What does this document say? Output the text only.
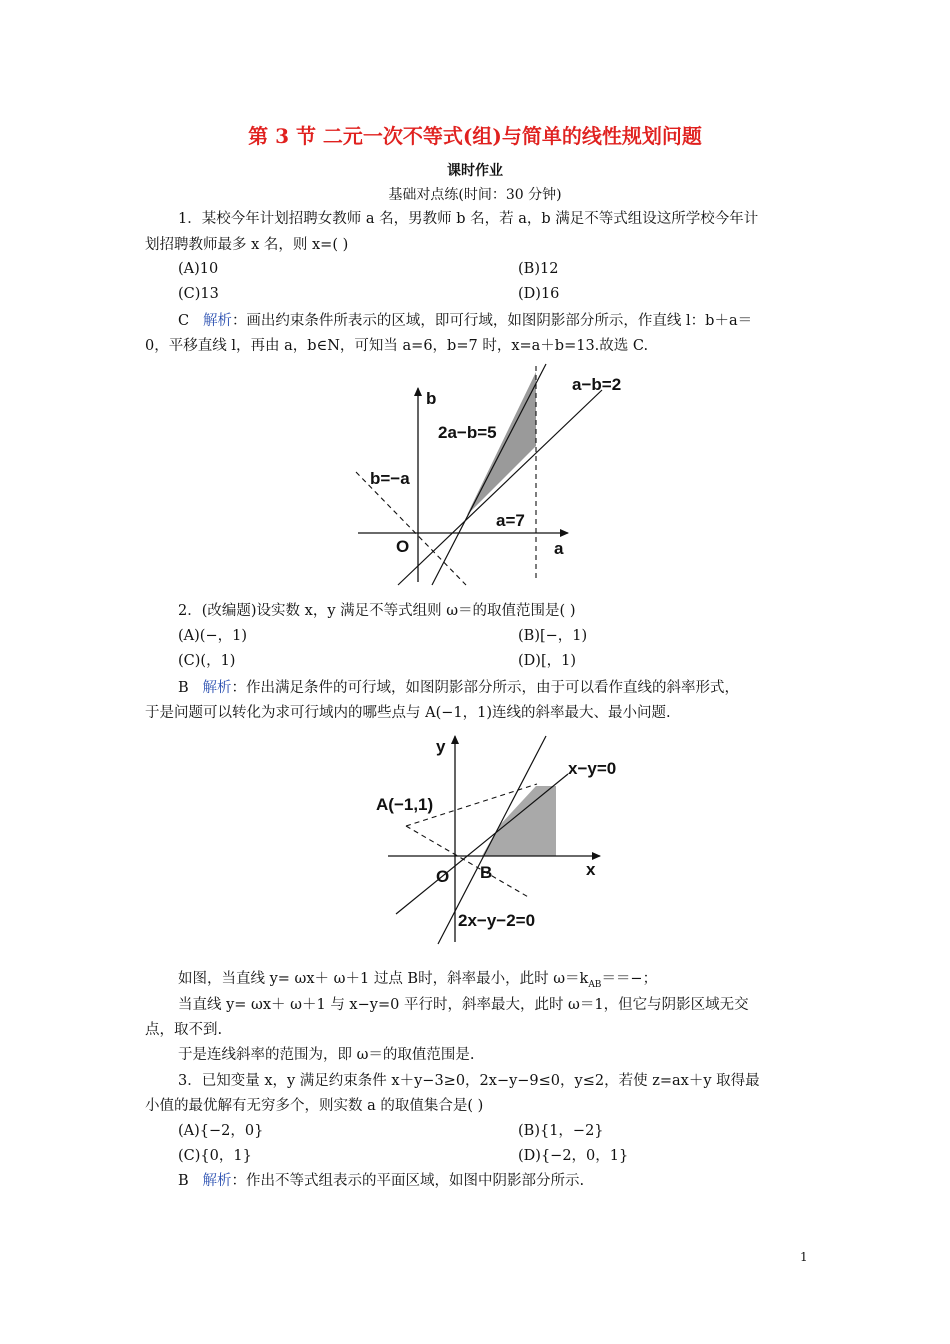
第 3 节 二元一次不等式(组)与简单的线性规划问题
课时作业
基础对点练(时间：30 分钟)
1．某校今年计划招聘女教师 a 名，男教师 b 名，若 a，b 满足不等式组设这所学校今年计
划招聘教师最多 x 名，则 x=( )
(A)10	(B)12
(C)13	(D)16
C 解析：画出约束条件所表示的区域，即可行域，如图阴影部分所示，作直线 l：b＋a＝
0，平移直线 l，再由 a，b∈N，可知当 a=6，b=7 时，x=a＋b=13.故选 C.
b
a
O
a−b=2
2a−b=5
b=−a
a=7
2．(改编题)设实数 x，y 满足不等式组则 ω＝的取值范围是( )
(A)(−，1)	(B)[−，1)
(C)(，1)	(D)[，1)
B 解析：作出满足条件的可行域，如图阴影部分所示，由于可以看作直线的斜率形式，
于是问题可以转化为求可行域内的哪些点与 A(−1，1)连线的斜率最大、最小问题.
y
x
O B
A(−1,1)
x−y=0
2x−y−2=0
如图，当直线 y= ωx＋ ω＋1 过点 B时，斜率最小，此时 $\omega=k_{AB}==-$；
当直线 y= ωx＋ ω＋1 与 x−y=0 平行时，斜率最大，此时 ω＝1，但它与阴影区域无交
点，取不到.
于是连线斜率的范围为，即 ω＝的取值范围是.
3．已知变量 x，y 满足约束条件 x＋y−3≥0，2x−y−9≤0，y≤2，若使 z=ax＋y 取得最
小值的最优解有无穷多个，则实数 a 的取值集合是( )
(A){−2，0}	(B){1，−2}
(C){0，1}	(D){−2，0，1}
B 解析：作出不等式组表示的平面区域，如图中阴影部分所示.
1
